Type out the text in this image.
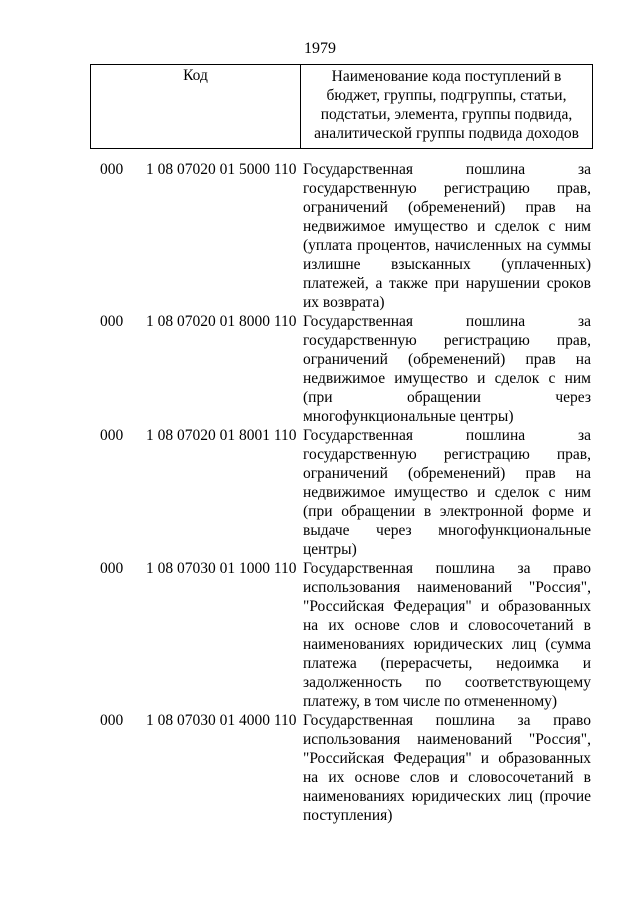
1979
Код	Наименование кода поступлений в бюджет, группы, подгруппы, статьи, подстатьи, элемента, группы подвида, аналитической группы подвида доходов
000	1 08 07020 01 5000 110 Государственная пошлина за государственную регистрацию прав, ограничений (обременений) прав на недвижимое имущество и сделок с ним (уплата процентов, начисленных на суммы излишне взысканных (уплаченных) платежей, а также при нарушении сроков их возврата)
000	1 08 07020 01 8000 110 Государственная пошлина за государственную регистрацию прав, ограничений (обременений) прав на недвижимое имущество и сделок с ним (при обращении через многофункциональные центры)
000	1 08 07020 01 8001 110 Государственная пошлина за государственную регистрацию прав, ограничений (обременений) прав на недвижимое имущество и сделок с ним (при обращении в электронной форме и выдаче через многофункциональные центры)
000	1 08 07030 01 1000 110 Государственная пошлина за право использования наименований "Россия", "Российская Федерация" и образованных на их основе слов и словосочетаний в наименованиях юридических лиц (сумма платежа (перерасчеты, недоимка и задолженность по соответствующему платежу, в том числе по отмененному)
000	1 08 07030 01 4000 110 Государственная пошлина за право использования наименований "Россия", "Российская Федерация" и образованных на их основе слов и словосочетаний в наименованиях юридических лиц (прочие поступления)
